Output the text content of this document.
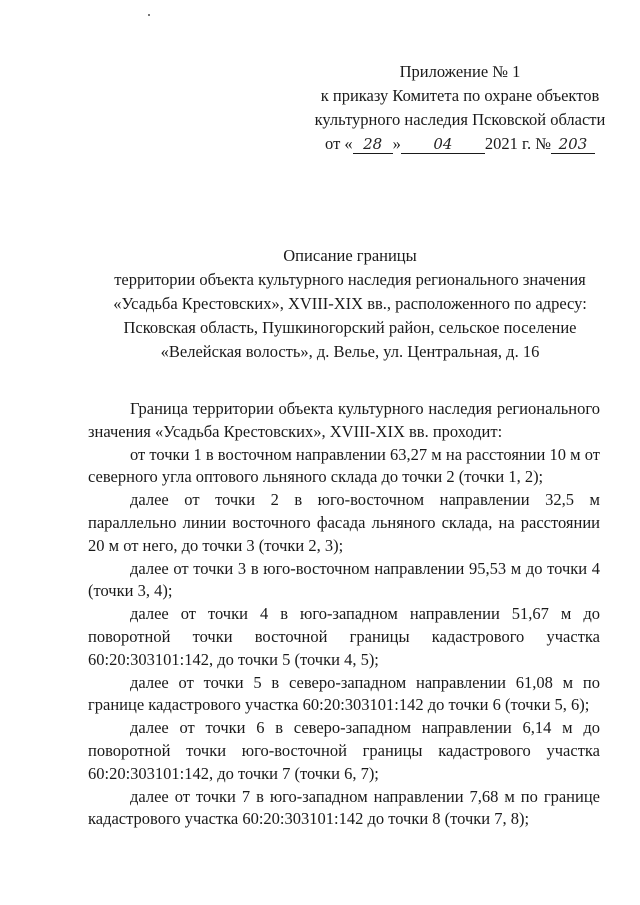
Приложение № 1
к приказу Комитета по охране объектов
культурного наследия Псковской области
от « 28 » 04 2021 г. № 203
Описание границы
территории объекта культурного наследия регионального значения
«Усадьба Крестовских», XVIII-XIX вв., расположенного по адресу:
Псковская область, Пушкиногорский район, сельское поселение
«Велейская волость», д. Велье, ул. Центральная, д. 16

Граница территории объекта культурного наследия регионального значения «Усадьба Крестовских», XVIII-XIX вв. проходит:

от точки 1 в восточном направлении 63,27 м на расстоянии 10 м от северного угла оптового льняного склада до точки 2 (точки 1, 2);

далее от точки 2 в юго-восточном направлении 32,5 м параллельно линии восточного фасада льняного склада, на расстоянии 20 м от него, до точки 3 (точки 2, 3);

далее от точки 3 в юго-восточном направлении 95,53 м до точки 4 (точки 3, 4);

далее от точки 4 в юго-западном направлении 51,67 м до поворотной точки восточной границы кадастрового участка 60:20:303101:142, до точки 5 (точки 4, 5);

далее от точки 5 в северо-западном направлении 61,08 м по границе кадастрового участка 60:20:303101:142 до точки 6 (точки 5, 6);

далее от точки 6 в северо-западном направлении 6,14 м до поворотной точки юго-восточной границы кадастрового участка 60:20:303101:142, до точки 7 (точки 6, 7);

далее от точки 7 в юго-западном направлении 7,68 м по границе кадастрового участка 60:20:303101:142 до точки 8 (точки 7, 8);
